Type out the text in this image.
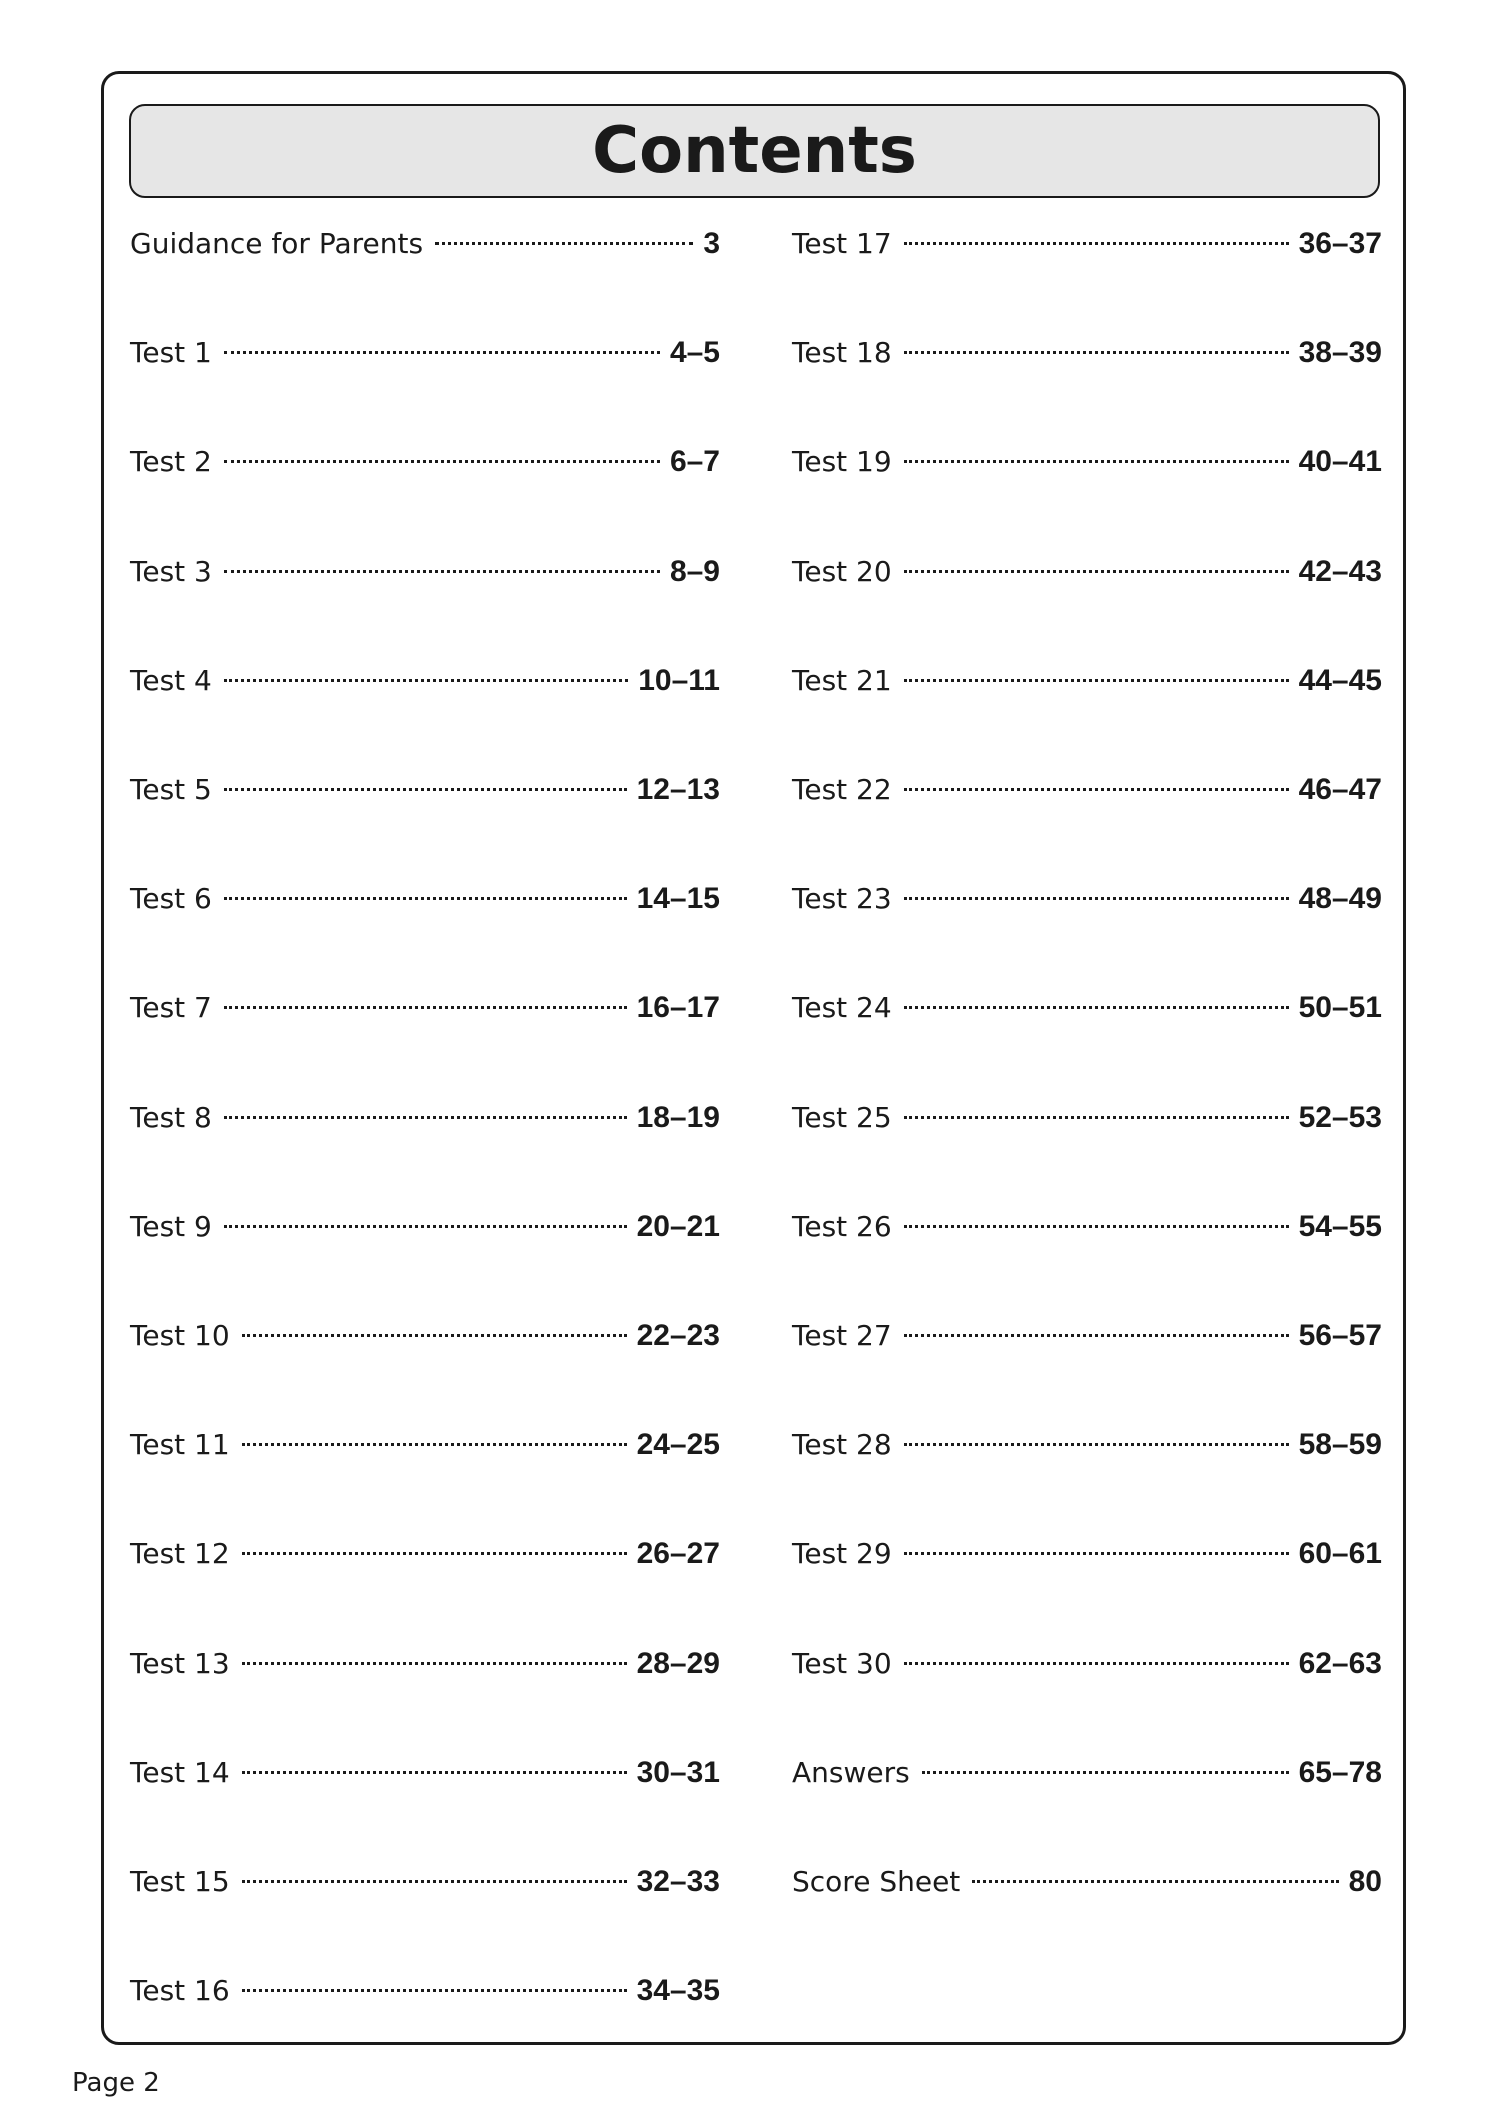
Contents
Guidance for Parents	3
Test 1	4–5
Test 2	6–7
Test 3	8–9
Test 4	10–11
Test 5	12–13
Test 6	14–15
Test 7	16–17
Test 8	18–19
Test 9	20–21
Test 10	22–23
Test 11	24–25
Test 12	26–27
Test 13	28–29
Test 14	30–31
Test 15	32–33
Test 16	34–35
Test 17	36–37
Test 18	38–39
Test 19	40–41
Test 20	42–43
Test 21	44–45
Test 22	46–47
Test 23	48–49
Test 24	50–51
Test 25	52–53
Test 26	54–55
Test 27	56–57
Test 28	58–59
Test 29	60–61
Test 30	62–63
Answers	65–78
Score Sheet	80

Page 2
